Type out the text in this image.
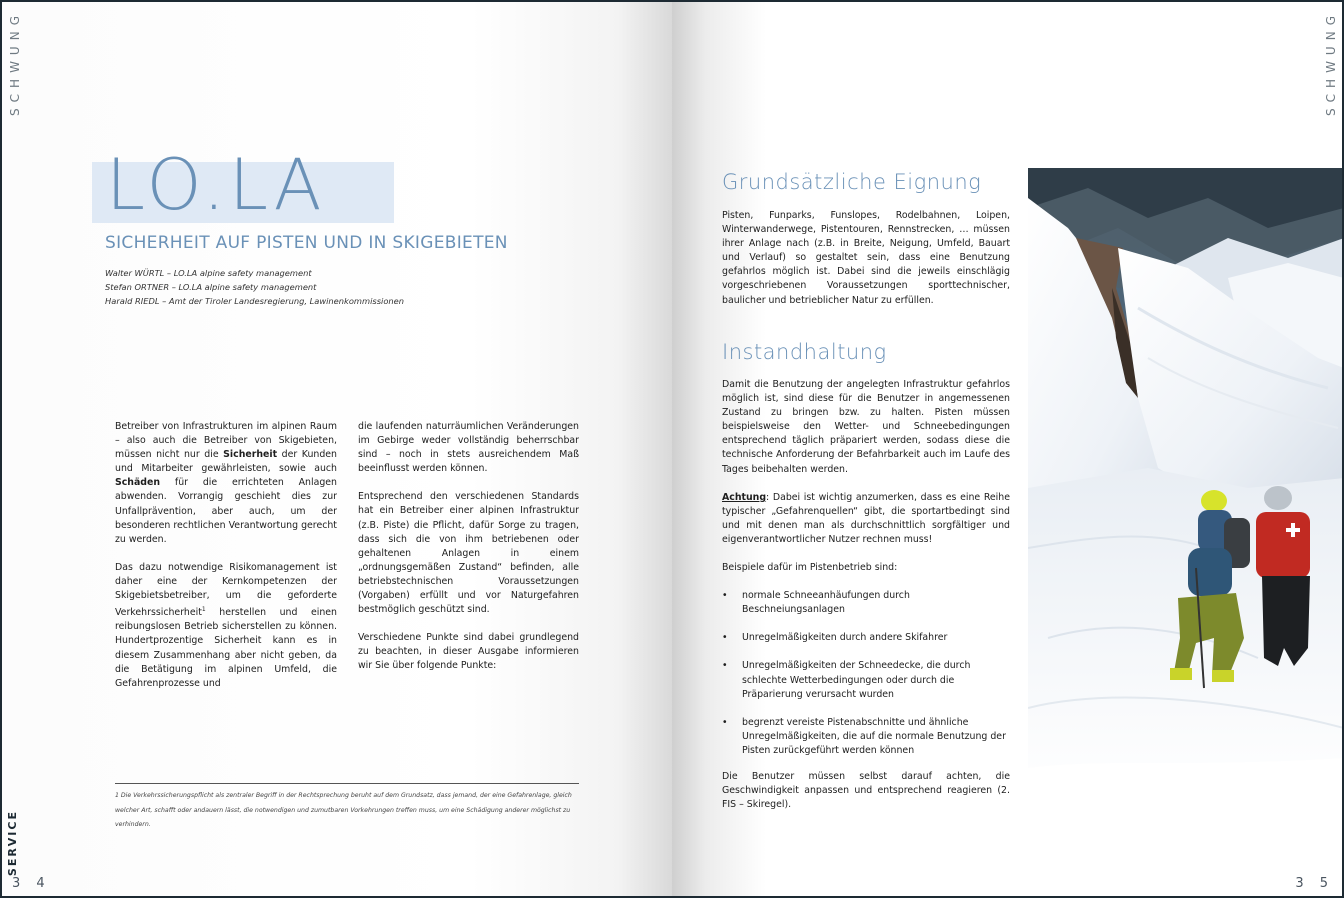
SCHWUNG
LO.LA
SICHERHEIT AUF PISTEN UND IN SKIGEBIETEN
Walter WÜRTL – LO.LA alpine safety management
Stefan ORTNER – LO.LA alpine safety management
Harald RIEDL – Amt der Tiroler Landesregierung, Lawinenkommissionen

Betreiber von Infrastrukturen im alpinen Raum – also auch die Betreiber von Skigebieten, müssen nicht nur die Sicherheit der Kunden und Mitarbeiter gewährleisten, sowie auch Schäden für die errichteten Anlagen abwenden. Vorrangig geschieht dies zur Unfallprävention, aber auch, um der besonderen rechtlichen Verantwortung gerecht zu werden.

Das dazu notwendige Risikomanagement ist daher eine der Kernkompetenzen der Skigebietsbetreiber, um die geforderte Verkehrssicherheit$^1$ herstellen und einen reibungslosen Betrieb sicherstellen zu können. Hundertprozentige Sicherheit kann es in diesem Zusammenhang aber nicht geben, da die Betätigung im alpinen Umfeld, die Gefahrenprozesse und

die laufenden naturräumlichen Veränderungen im Gebirge weder vollständig beherrschbar sind – noch in stets ausreichendem Maß beeinflusst werden können.

Entsprechend den verschiedenen Standards hat ein Betreiber einer alpinen Infrastruktur (z.B. Piste) die Pflicht, dafür Sorge zu tragen, dass sich die von ihm betriebenen oder gehaltenen Anlagen in einem „ordnungsgemäßen Zustand“ befinden, alle betriebstechnischen Voraussetzungen (Vorgaben) erfüllt und vor Naturgefahren bestmöglich geschützt sind.

Verschiedene Punkte sind dabei grundlegend zu beachten, in dieser Ausgabe informieren wir Sie über folgende Punkte:

1 Die Verkehrssicherungspflicht als zentraler Begriff in der Rechtsprechung beruht auf dem Grundsatz, dass jemand, der eine Gefahrenlage, gleich welcher Art, schafft oder andauern lässt, die notwendigen und zumutbaren Vorkehrungen treffen muss, um eine Schädigung anderer möglichst zu verhindern.
SERVICE
3 4
SCHWUNG
Grundsätzliche Eignung

Pisten, Funparks, Funslopes, Rodelbahnen, Loipen, Winterwanderwege, Pistentouren, Rennstrecken, … müssen ihrer Anlage nach (z.B. in Breite, Neigung, Umfeld, Bauart und Verlauf) so gestaltet sein, dass eine Benutzung gefahrlos möglich ist. Dabei sind die jeweils einschlägig vorgeschriebenen Voraussetzungen sporttechnischer, baulicher und betrieblicher Natur zu erfüllen.

Instandhaltung

Damit die Benutzung der angelegten Infrastruktur gefahrlos möglich ist, sind diese für die Benutzer in angemessenen Zustand zu bringen bzw. zu halten. Pisten müssen beispielsweise den Wetter- und Schneebedingungen entsprechend täglich präpariert werden, sodass diese die technische Anforderung der Befahrbarkeit auch im Laufe des Tages beibehalten werden.

Achtung: Dabei ist wichtig anzumerken, dass es eine Reihe typischer „Gefahrenquellen“ gibt, die sportartbedingt sind und mit denen man als durchschnittlich sorgfältiger und eigenverantwortlicher Nutzer rechnen muss!

Beispiele dafür im Pistenbetrieb sind:

• normale Schneeanhäufungen durch Beschneiungsanlagen
• Unregelmäßigkeiten durch andere Skifahrer
• Unregelmäßigkeiten der Schneedecke, die durch schlechte Wetterbedingungen oder durch die Präparierung verursacht wurden
• begrenzt vereiste Pistenabschnitte und ähnliche Unregelmäßigkeiten, die auf die normale Benutzung der Pisten zurückgeführt werden können

Die Benutzer müssen selbst darauf achten, die Geschwindigkeit anpassen und entsprechend reagieren (2. FIS – Skiregel).

3 5
